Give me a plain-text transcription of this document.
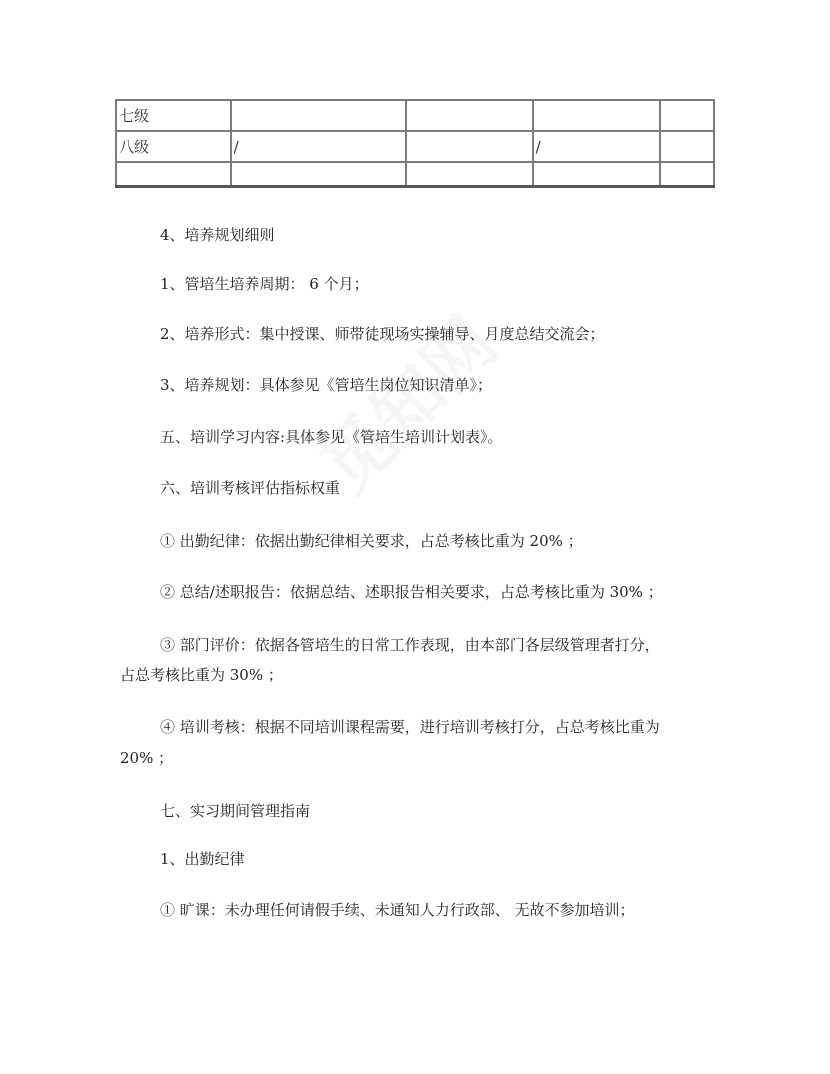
七级				
八级	/		/	

4、培养规划细则
1、管培生培养周期： 6 个月；
2、培养形式：集中授课、师带徒现场实操辅导、月度总结交流会；
3、培养规划：具体参见《管培生岗位知识清单》；
五、培训学习内容:具体参见《管培生培训计划表》。
六、培训考核评估指标权重
① 出勤纪律：依据出勤纪律相关要求，占总考核比重为 20% ；
② 总结/述职报告：依据总结、述职报告相关要求，占总考核比重为 30% ；
③ 部门评价：依据各管培生的日常工作表现，由本部门各层级管理者打分，
占总考核比重为 30% ；
④ 培训考核：根据不同培训课程需要，进行培训考核打分，占总考核比重为
20% ；
七、实习期间管理指南
1、出勤纪律
① 旷课：未办理任何请假手续、未通知人力行政部、 无故不参加培训；
